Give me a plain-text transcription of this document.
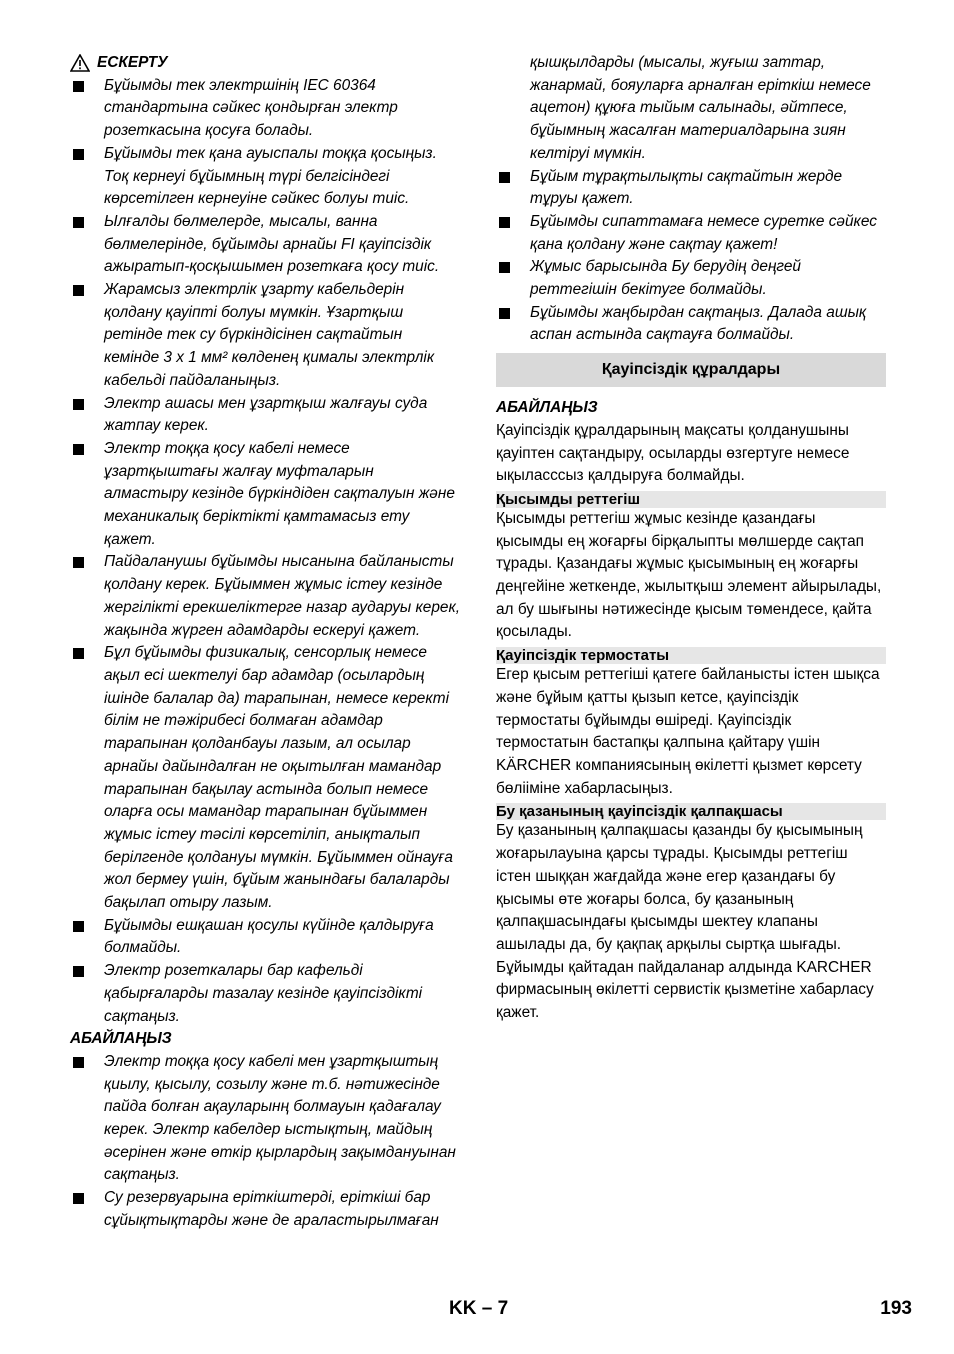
ЕСКЕРТУ
Бұйымды тек электршінің IEC 60364 стандартына сәйкес қондырған электр розеткасына қосуға болады.
Бұйымды тек қана ауыспалы тоққа қосыңыз. Тоқ кернеуі бұйымның түрі белгісіндегі көрсетілген кернеуіне сәйкес болуы тиіс.
Ылғалды бөлмелерде, мысалы, ванна бөлмелерінде, бұйымды арнайы FI қауіпсіздік ажыратып-қосқышымен розеткаға қосу тиіс.
Жарамсыз электрлік ұзарту кабельдерін қолдану қауіпті болуы мүмкін. Ұзартқыш ретінде тек су бүркіндісінен сақтайтын кемінде 3 x 1 мм² көлденең қималы электрлік кабельді пайдаланыңыз.
Электр ашасы мен ұзартқыш жалғауы суда жатпау керек.
Электр тоққа қосу кабелі немесе ұзартқыштағы жалғау муфталарын алмастыру кезінде бүркіндіден сақталуын және механикалық беріктікті қамтамасыз ету қажет.
Пайдаланушы бұйымды нысанына байланысты қолдану керек. Бұйыммен жұмыс істеу кезінде жергілікті ерекшеліктерге назар аударуы керек, жақында жүрген адамдарды ескеруі қажет.
Бұл бұйымды физикалық, сенсорлық немесе ақыл есі шектелуі бар адамдар (осылардың ішінде балалар да) тарапынан, немесе керекті білім не тәжірибесі болмаған адамдар тарапынан қолданбауы лазым, ал осылар арнайы дайындалған не оқытылған мамандар тарапынан бақылау астында болып немесе оларға осы мамандар тарапынан бұйыммен жұмыс істеу тәсілі көрсетіліп, анықталып берілгенде қолдануы мүмкін. Бұйыммен ойнауға жол бермеу үшін, бұйым жанындағы балаларды бақылап отыру лазым.
Бұйымды ешқашан қосулы күйінде қалдыруға болмайды.
Электр розеткалары бар кафельді қабырғаларды тазалау кезінде қауіпсіздікті сақтаңыз.
АБАЙЛАҢЫЗ
Электр тоққа қосу кабелі мен ұзартқыштың қиылу, қысылу, созылу және т.б. нәтижесінде пайда болған ақауларынң болмауын қадағалау керек. Электр кабелдер ыстықтың, майдың әсерінен және өткір қырлардың зақымдануынан сақтаңыз.
Су резервуарына еріткіштерді, еріткіші бар сұйықтықтарды және де араластырылмаған
қышқылдарды (мысалы, жуғыш заттар, жанармай, бояуларға арналған еріткіш немесе ацетон) құюға тыйым салынады, әйтпесе, бұйымның жасалған материалдарына зиян келтіруі мүмкін.
Бұйым тұрақтылықты сақтайтын жерде тұруы қажет.
Бұйымды сипаттамаға немесе суретке сәйкес қана қолдану және сақтау қажет!
Жұмыс барысында Бу берудің деңгей реттегішін бекітуге болмайды.
Бұйымды жаңбырдан сақтаңыз. Далада ашық аспан астында сақтауға болмайды.
Қауіпсіздік құралдары
АБАЙЛАҢЫЗ
Қауіпсіздік құралдарының мақсаты қолданушыны қауіптен сақтандыру, осыларды өзгертуге немесе ықыласссыз қалдыруға болмайды.
Қысымды реттегіш
Қысымды реттегіш жұмыс кезінде қазандағы қысымды ең жоғарғы бірқалыпты мөлшерде сақтап тұрады. Қазандағы жұмыс қысымының ең жоғарғы деңгейіне жеткенде, жылытқыш элемент айырылады, ал бу шығыны нәтижесінде қысым төмендесе, қайта қосылады.
Қауіпсіздік термостаты
Егер қысым реттегіші қатеге байланысты істен шықса және бұйым қатты қызып кетсе, қауіпсіздік термостаты бұйымды өшіреді. Қауіпсіздік термостатын бастапқы қалпына қайтару үшін KÄRCHER компаниясының өкілетті қызмет көрсету бөлііміне хабарласыңыз.
Бу қазанының қауіпсіздік қалпақшасы
Бу қазанының қалпақшасы қазанды бу қысымының жоғарылауына қарсы тұрады. Қысымды реттегіш істен шыққан жағдайда және егер қазандағы бу қысымы өте жоғары болса, бу қазанының қалпақшасындағы қысымды шектеу клапаны ашылады да, бу қақпақ арқылы сыртқа шығады. Бұйымды қайтадан пайдаланар алдында KARCHER фирмасының өкілетті сервистік қызметіне хабарласу қажет.
KK – 7	193
